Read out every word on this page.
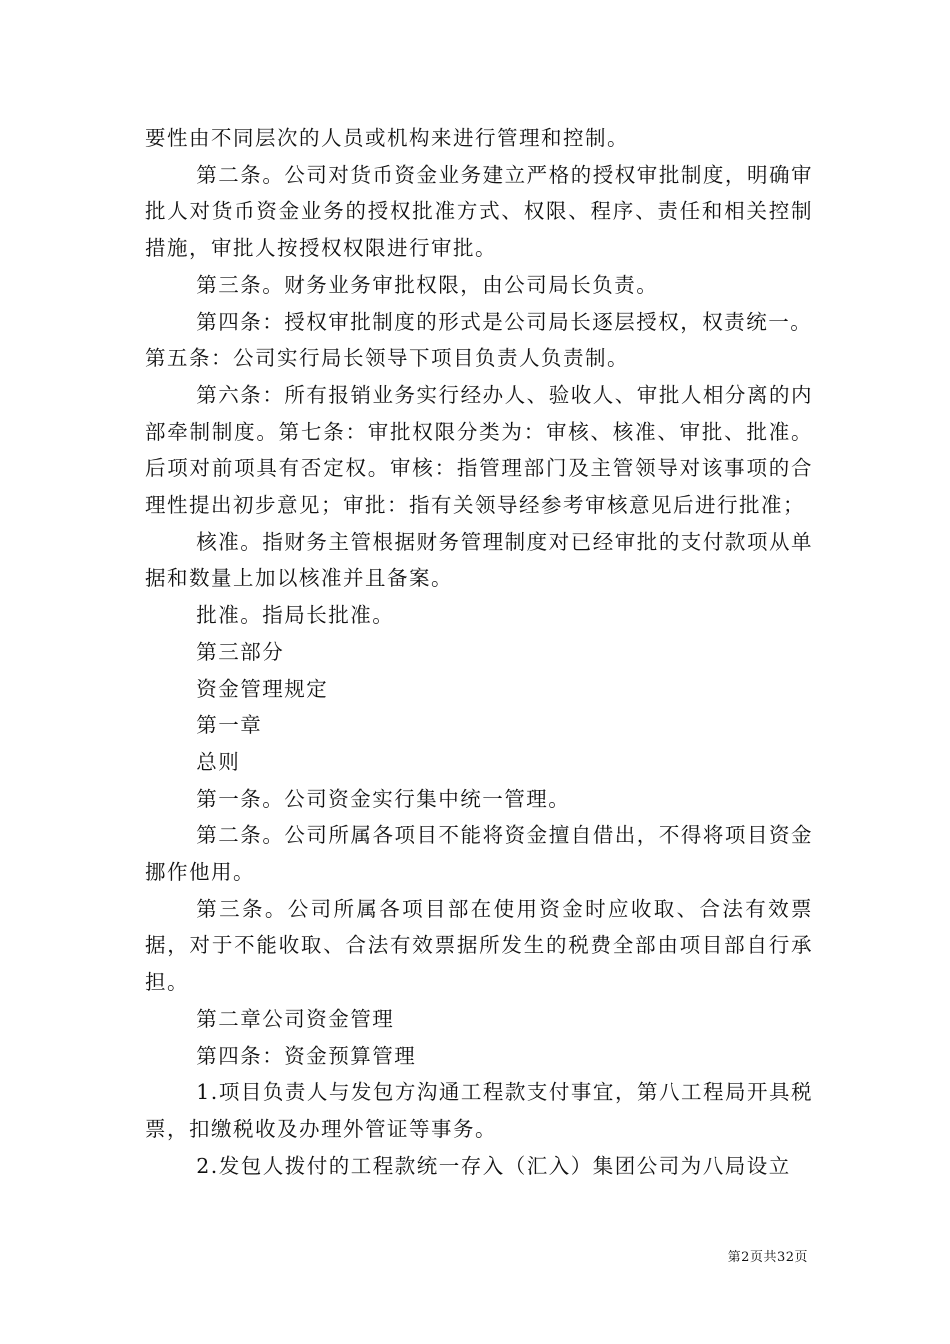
要性由不同层次的人员或机构来进行管理和控制。

第二条。公司对货币资金业务建立严格的授权审批制度，明确审批人对货币资金业务的授权批准方式、权限、程序、责任和相关控制措施，审批人按授权权限进行审批。

第三条。财务业务审批权限，由公司局长负责。

第四条：授权审批制度的形式是公司局长逐层授权，权责统一。

第五条：公司实行局长领导下项目负责人负责制。

第六条：所有报销业务实行经办人、验收人、审批人相分离的内部牵制制度。第七条：审批权限分类为：审核、核准、审批、批准。后项对前项具有否定权。审核：指管理部门及主管领导对该事项的合理性提出初步意见；审批：指有关领导经参考审核意见后进行批准；

核准。指财务主管根据财务管理制度对已经审批的支付款项从单据和数量上加以核准并且备案。

批准。指局长批准。

第三部分

资金管理规定

第一章

总则

第一条。公司资金实行集中统一管理。

第二条。公司所属各项目不能将资金擅自借出，不得将项目资金挪作他用。

第三条。公司所属各项目部在使用资金时应收取、合法有效票据，对于不能收取、合法有效票据所发生的税费全部由项目部自行承担。

第二章公司资金管理

第四条：资金预算管理

1.项目负责人与发包方沟通工程款支付事宜，第八工程局开具税票，扣缴税收及办理外管证等事务。

2.发包人拨付的工程款统一存入（汇入）集团公司为八局设立

第2页共32页
